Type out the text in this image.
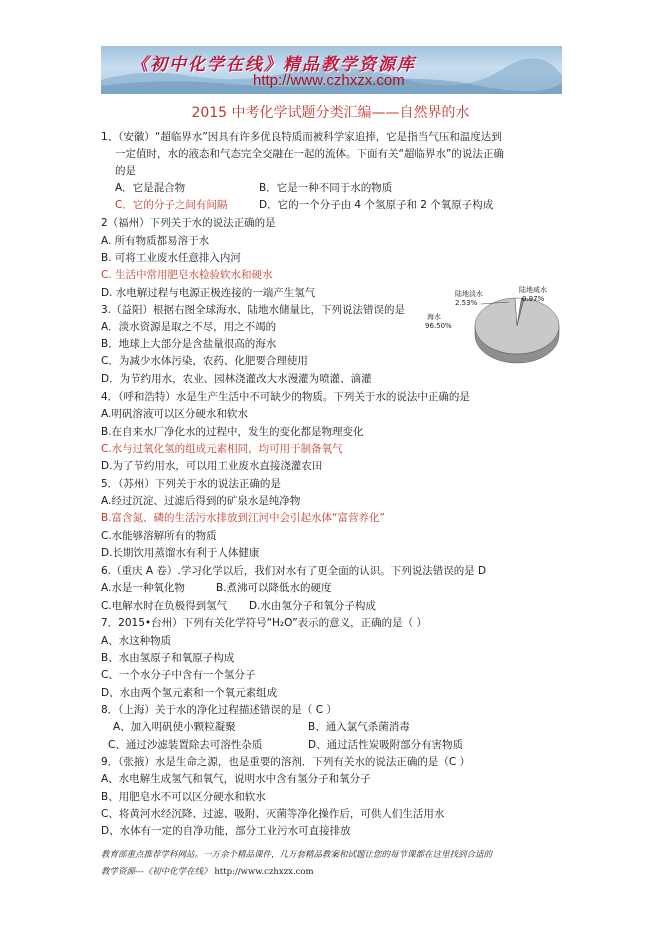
《初中化学在线》精品教学资源库
http://www.czhxzx.com
2015 中考化学试题分类汇编——自然界的水
1、（安徽）“超临界水”因具有许多优良特质而被科学家追捧，它是指当气压和温度达到
一定值时，水的液态和气态完全交融在一起的流体。下面有关“超临界水”的说法正确
的是
A．它是混合物	B．它是一种不同于水的物质
C．它的分子之间有间隔	D．它的一个分子由 4 个氢原子和 2 个氧原子构成
2（福州）下列关于水的说法正确的是
A. 所有物质都易溶于水
B. 可将工业废水任意排入内河
C. 生活中常用肥皂水检验软水和硬水
D. 水电解过程与电源正极连接的一端产生氢气
3.（益阳）根据右图全球海水、陆地水储量比，下列说法错误的是
A．淡水资源是取之不尽，用之不竭的
B．地球上大部分是含盐量很高的海水
C．为减少水体污染，农药、化肥要合理使用
D．为节约用水，农业、园林浇灌改大水漫灌为喷灌、滴灌
陆地淡水
2.53%
陆地咸水
0.97%
海水
96.50%
4．（呼和浩特）水是生产生活中不可缺少的物质。下列关于水的说法中正确的是
A.明矾溶液可以区分硬水和软水
B.在自来水厂净化水的过程中，发生的变化都是物理变化
C.水与过氧化氢的组成元素相同，均可用于制备氧气
D.为了节约用水，可以用工业废水直接浇灌农田
5．（苏州）下列关于水的说法正确的是
A.经过沉淀、过滤后得到的矿泉水是纯净物
B.富含氮、磷的生活污水排放到江河中会引起水体“富营养化”
C.水能够溶解所有的物质
D.长期饮用蒸馏水有利于人体健康
6.（重庆 A 卷）.学习化学以后，我们对水有了更全面的认识。下列说法错误的是 D
A.水是一种氧化物	B.煮沸可以降低水的硬度
C.电解水时在负极得到氢气 D.水由氢分子和氧分子构成
7．2015•台州）下列有关化学符号“H₂O”表示的意义，正确的是（ ）
A、水这种物质
B、水由氢原子和氧原子构成
C、一个水分子中含有一个氢分子
D、水由两个氢元素和一个氧元素组成
8．（上海）关于水的净化过程描述错误的是（ C ）
A、加入明矾使小颗粒凝聚	B、通入氯气杀菌消毒
C、通过沙滤装置除去可溶性杂质	D、通过活性炭吸附部分有害物质
9．（张掖）水是生命之源，也是重要的溶剂．下列有关水的说法正确的是（C ）
A、水电解生成氢气和氧气，说明水中含有氢分子和氧分子
B、用肥皂水不可以区分硬水和软水
C、将黄河水经沉降、过滤、吸附、灭菌等净化操作后，可供人们生活用水
D、水体有一定的自净功能，部分工业污水可直接排放
教育部重点推荐学科网站。一万余个精品课件，几万套精品教案和试题让您的每节课都在这里找到合适的
教学资源---《初中化学在线》 http://www.czhxzx.com
